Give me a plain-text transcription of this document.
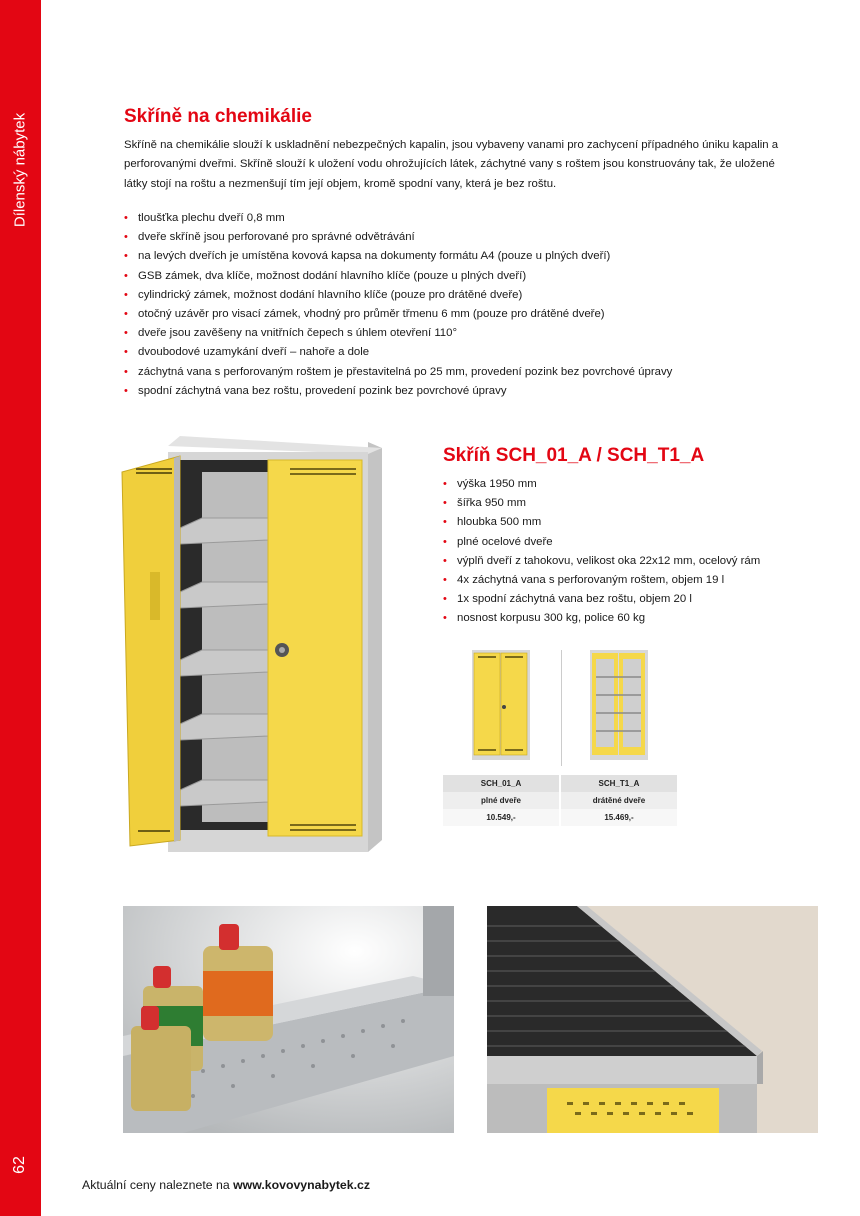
Dílenský nábytek
62
Skříně na chemikálie

Skříně na chemikálie slouží k uskladnění nebezpečných kapalin, jsou vybaveny vanami pro zachycení případného úniku kapalin a perforovanými dveřmi. Skříně slouží k uložení vodu ohrožujících látek, záchytné vany s roštem jsou konstruovány tak, že uložené látky stojí na roštu a nezmenšují tím její objem, kromě spodní vany, která je bez roštu.

• tloušťka plechu dveří 0,8 mm
• dveře skříně jsou perforované pro správné odvětrávání
• na levých dveřích je umístěna kovová kapsa na dokumenty formátu A4 (pouze u plných dveří)
• GSB zámek, dva klíče, možnost dodání hlavního klíče (pouze u plných dveří)
• cylindrický zámek, možnost dodání hlavního klíče (pouze pro drátěné dveře)
• otočný uzávěr pro visací zámek, vhodný pro průměr třmenu 6 mm (pouze pro drátěné dveře)
• dveře jsou zavěšeny na vnitřních čepech s úhlem otevření 110°
• dvoubodové uzamykání dveří – nahoře a dole
• záchytná vana s perforovaným roštem je přestavitelná po 25 mm, provedení pozink bez povrchové úpravy
• spodní záchytná vana bez roštu, provedení pozink bez povrchové úpravy
Skříň SCH_01_A / SCH_T1_A
• výška 1950 mm
• šířka 950 mm
• hloubka 500 mm
• plné ocelové dveře
• výplň dveří z tahokovu, velikost oka 22x12 mm, ocelový rám
• 4x záchytná vana s perforovaným roštem, objem 19 l
• 1x spodní záchytná vana bez roštu, objem 20 l
• nosnost korpusu 300 kg, police 60 kg
SCH_01_A	SCH_T1_A
plné dveře	drátěné dveře
10.549,-	15.469,-
Aktuální ceny naleznete na www.kovovynabytek.cz
